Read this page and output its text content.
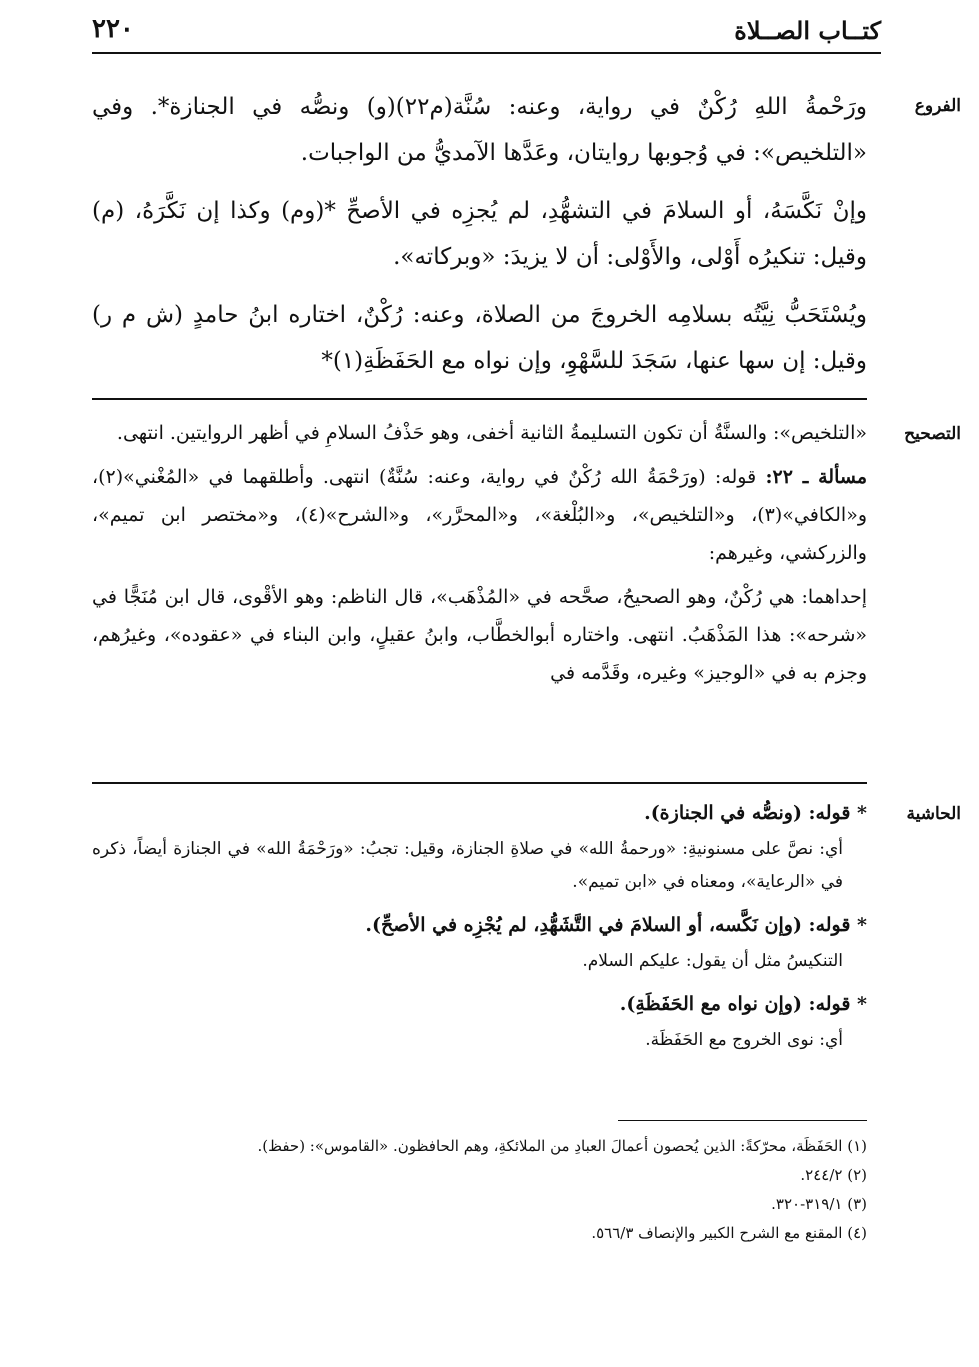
كتــاب الصــلاة
٢٢٠
الفروع

ورَحْمةُ اللهِ رُكْنٌ في رواية، وعنه: سُنَّة(م٢٢)(و) ونصُّه في الجنازة*. وفي «التلخيص»: في وُجوبها روايتان، وعَدَّها الآمديُّ من الواجبات.

وإنْ نَكَّسَهُ، أو السلامَ في التشهُّدِ، لم يُجزِه في الأصحِّ *(وم) وكذا إن نَكَّرَهُ، (م) وقيل: تنكيرُه أَوْلى، والأَوْلى: أن لا يزيدَ: «وبركاته».

ويُسْتَحَبُّ نِيَّتُه بسلامِه الخروجَ من الصلاة، وعنه: رُكْنٌ، اختاره ابنُ حامدٍ (ش م ر) وقيل: إن سها عنها، سَجَدَ للسَّهْوِ، وإن نواه مع الحَفَظَةِ(١)*

التصحيح

«التلخيص»: والسنَّةُ أن تكون التسليمةُ الثانية أخفى، وهو حَذْفُ السلامِ في أظهر الروايتين. انتهى.

مسألة ـ ٢٢: قوله: (ورَحْمَةُ الله رُكْنٌ في رواية، وعنه: سُنَّةٌ) انتهى. وأطلقهما في «المُغْني»(٢)، و«الكافي»(٣)، و«التلخيص»، و«البُلْغة»، و«المحرَّر»، و«الشرح»(٤)، و«مختصر ابن تميم»، والزركشي، وغيرهم:

إحداهما: هي رُكْنٌ، وهو الصحيحُ، صحَّحه في «المُذْهَب»، قال الناظم: وهو الأقْوى، قال ابن مُنَجًّا في «شرحه»: هذا المَذْهَبُ. انتهى. واختاره أبوالخطَّاب، وابنُ عقيلٍ، وابن البناء في «عقوده»، وغيرُهم، وجزم به في «الوجيز» وغيره، وقَدَّمه في

الحاشية

* قوله: (ونصُّه في الجنازة).

أي: نصَّ على مسنونيةِ: «ورحمةُ الله» في صلاةِ الجنازة، وقيل: تجبُ: «ورَحْمَةُ الله» في الجنازة أيضاً، ذكره في «الرعاية»، ومعناه في «ابن تميم».

* قوله: (وإن نَكَّسه، أو السلامَ في التَّشَهُّدِ، لم يُجْزِه في الأصحِّ).

التنكيسُ مثل أن يقول: عليكم السلام.

* قوله: (وإن نواه مع الحَفَظَةِ).

أي: نوى الخروج مع الحَفَظَة.

(١) الحَفَظَة، محرّكةً: الذين يُحصون أعمالَ العبادِ من الملائكةِ، وهم الحافظون. «القاموس»: (حفظ).

(٢) ٢٤٤/٢.

(٣) ٣١٩/١-٣٢٠.

(٤) المقنع مع الشرح الكبير والإنصاف ٥٦٦/٣.
